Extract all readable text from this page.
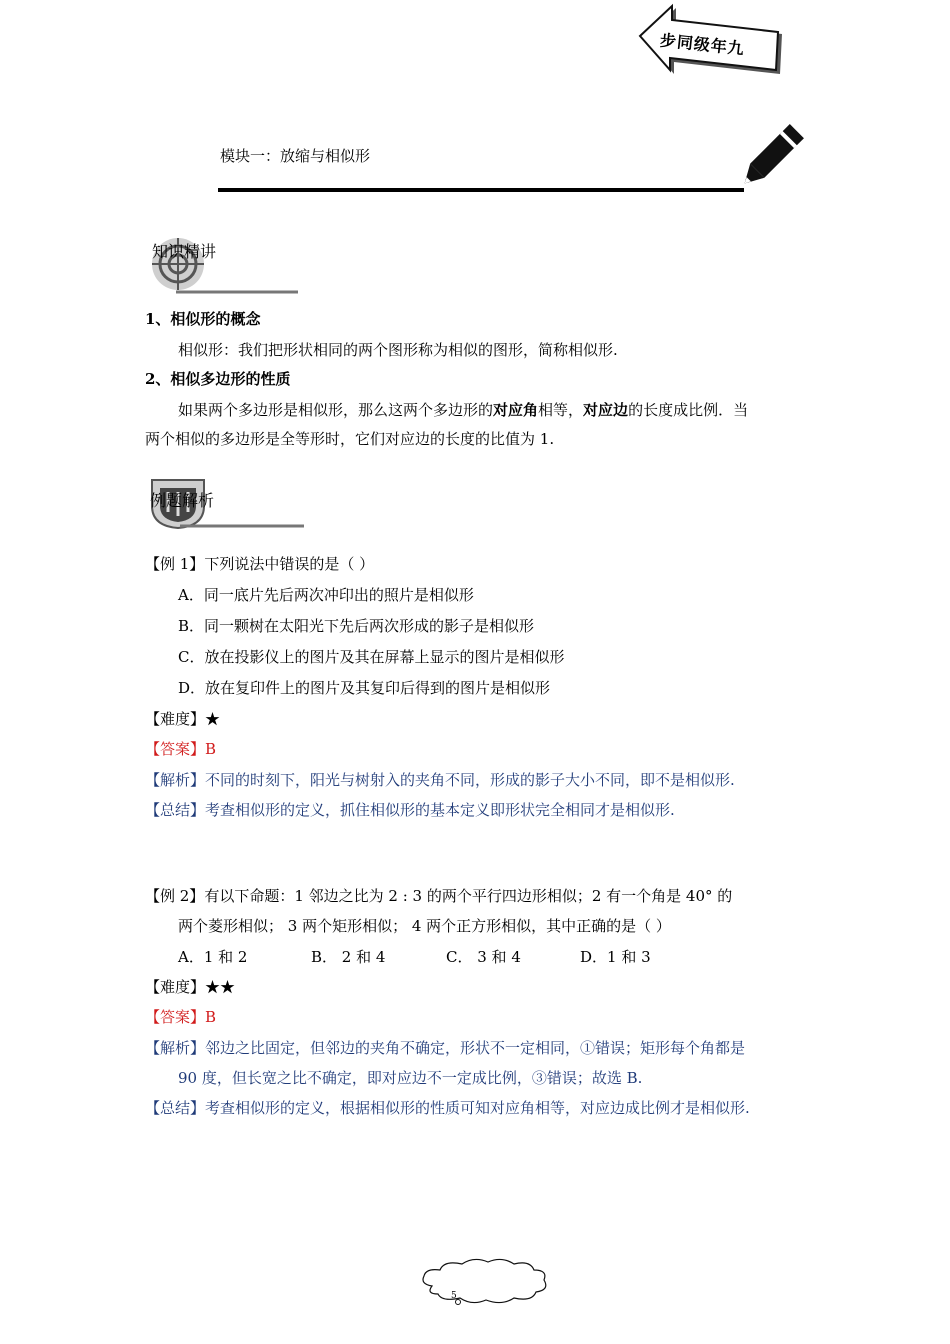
步同级年九
模块一：放缩与相似形
知识精讲
1、相似形的概念
相似形：我们把形状相同的两个图形称为相似的图形，简称相似形.
2、相似多边形的性质
如果两个多边形是相似形，那么这两个多边形的对应角相等，对应边的长度成比例．当
两个相似的多边形是全等形时，它们对应边的长度的比值为 1.
例题解析
【例 1】下列说法中错误的是（ ）
A．同一底片先后两次冲印出的照片是相似形
B．同一颗树在太阳光下先后两次形成的影子是相似形
C．放在投影仪上的图片及其在屏幕上显示的图片是相似形
D．放在复印件上的图片及其复印后得到的图片是相似形
【难度】★
【答案】B
【解析】不同的时刻下，阳光与树射入的夹角不同，形成的影子大小不同，即不是相似形.
【总结】考查相似形的定义，抓住相似形的基本定义即形状完全相同才是相似形.
【例 2】有以下命题：1 邻边之比为 2 : 3 的两个平行四边形相似；2 有一个角是 40° 的
两个菱形相似； 3 两个矩形相似； 4 两个正方形相似，其中正确的是（ ）
A．1 和 2	B． 2 和 4	C． 3 和 4	D．1 和 3
【难度】★★
【答案】B
【解析】邻边之比固定，但邻边的夹角不确定，形状不一定相同，①错误；矩形每个角都是
90 度，但长宽之比不确定，即对应边不一定成比例，③错误；故选 B.
【总结】考查相似形的定义，根据相似形的性质可知对应角相等，对应边成比例才是相似形.
5
